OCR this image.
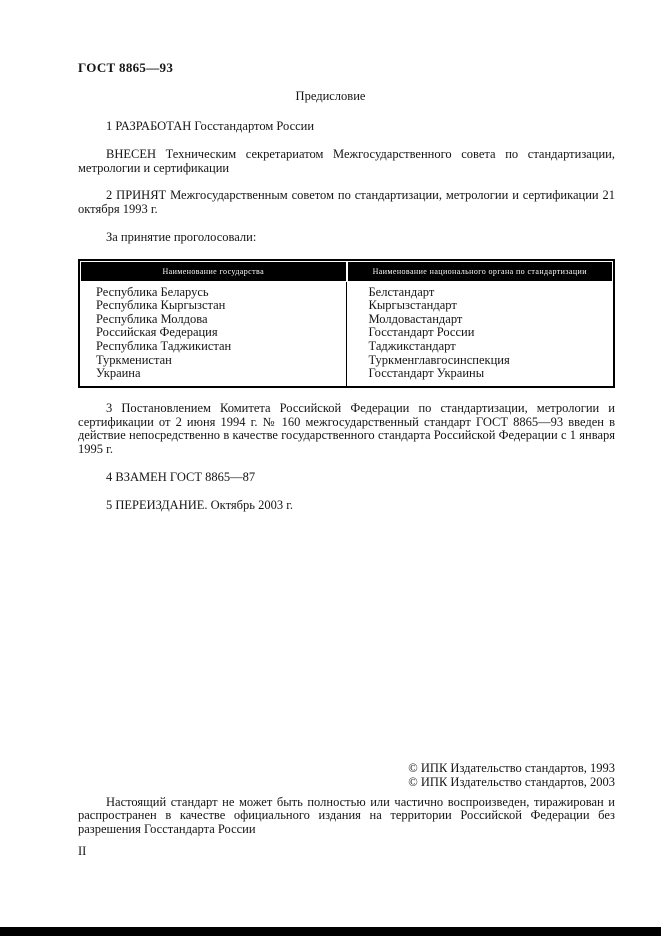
ГОСТ 8865—93
Предисловие

1 РАЗРАБОТАН Госстандартом России

ВНЕСЕН Техническим секретариатом Межгосударственного совета по стандартизации, метрологии и сертификации

2 ПРИНЯТ Межгосударственным советом по стандартизации, метрологии и сертификации 21 октября 1993 г.

За принятие проголосовали:

Наименование государства	Наименование национального органа по стандартизации
Республика Беларусь	Белстандарт
Республика Кыргызстан	Кыргызстандарт
Республика Молдова	Молдовастандарт
Российская Федерация	Госстандарт России
Республика Таджикистан	Таджикстандарт
Туркменистан	Туркменглавгосинспекция
Украина	Госстандарт Украины

3 Постановлением Комитета Российской Федерации по стандартизации, метрологии и сертификации от 2 июня 1994 г. № 160 межгосударственный стандарт ГОСТ 8865—93 введен в действие непосредственно в качестве государственного стандарта Российской Федерации с 1 января 1995 г.

4 ВЗАМЕН ГОСТ 8865—87

5 ПЕРЕИЗДАНИЕ. Октябрь 2003 г.

© ИПК Издательство стандартов, 1993
© ИПК Издательство стандартов, 2003

Настоящий стандарт не может быть полностью или частично воспроизведен, тиражирован и распространен в качестве официального издания на территории Российской Федерации без разрешения Госстандарта России

II
